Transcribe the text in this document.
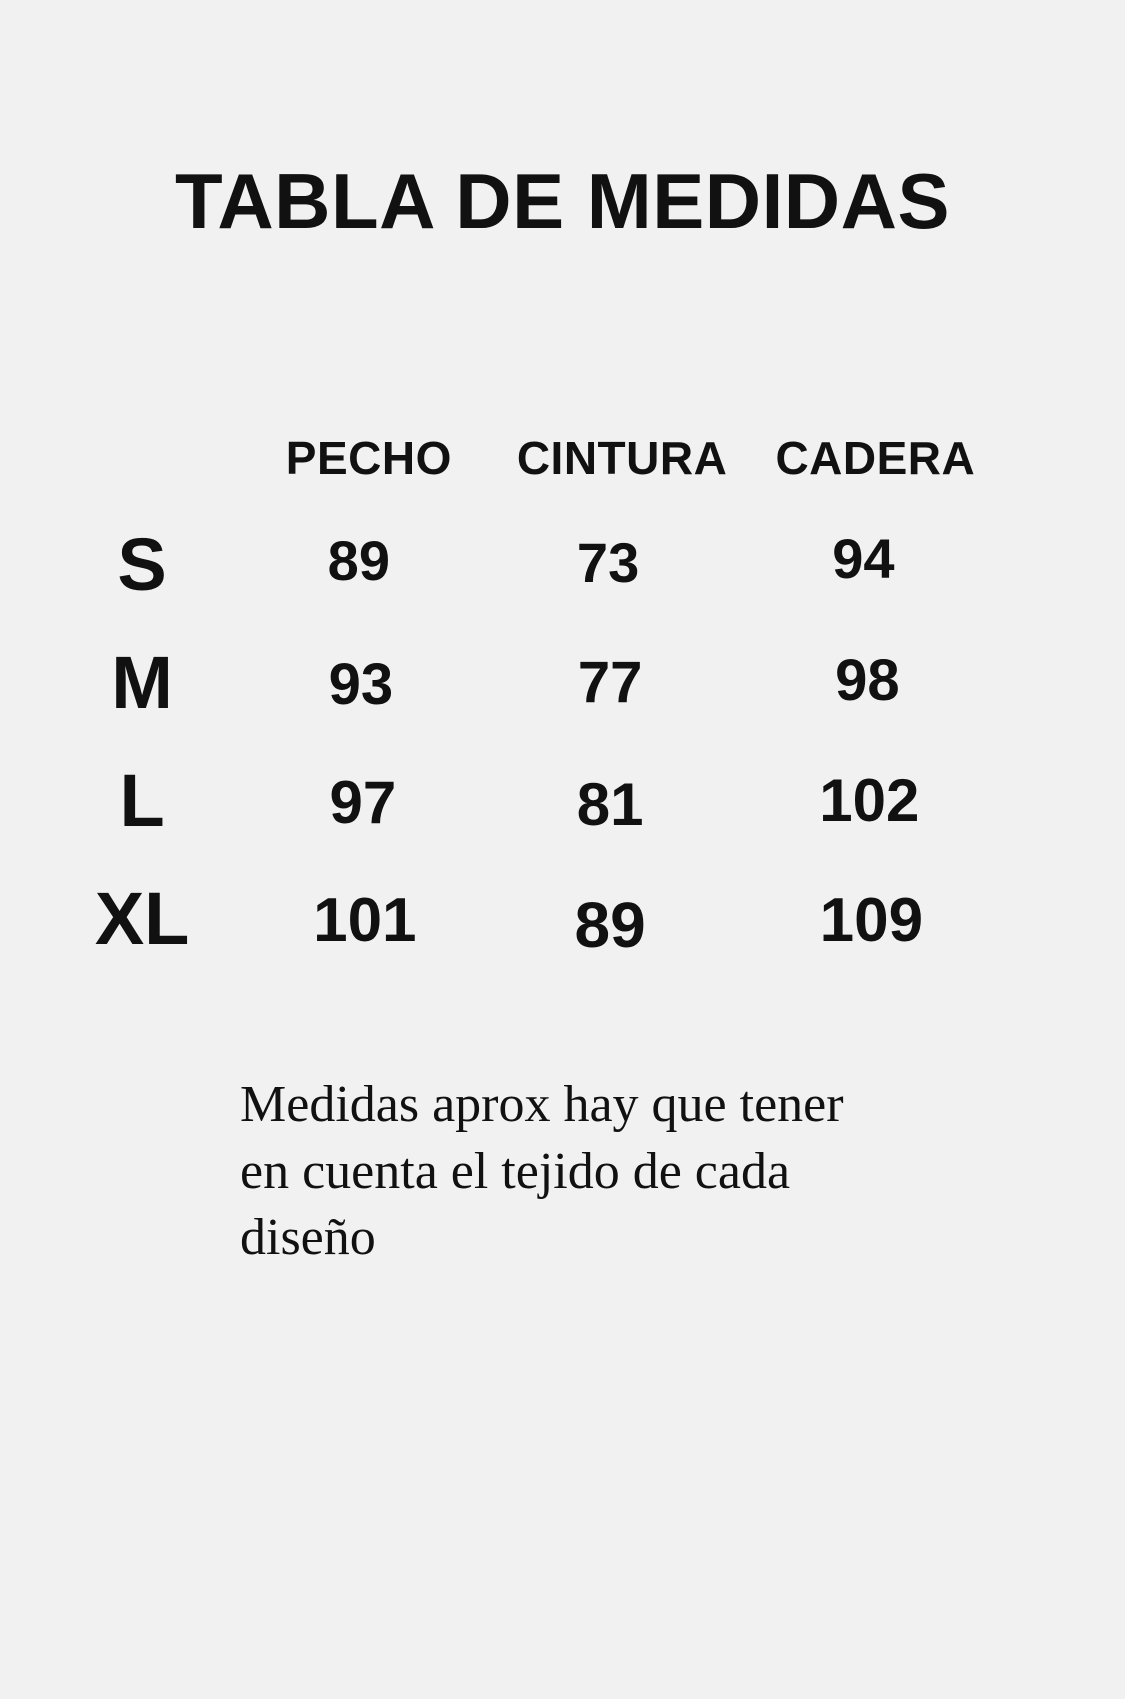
TABLA DE MEDIDAS
	PECHO	CINTURA	CADERA
S	89	73	94
M	93	77	98
L	97	81	102
XL	101	89	109
Medidas aprox hay que tener en cuenta el tejido de cada diseño
